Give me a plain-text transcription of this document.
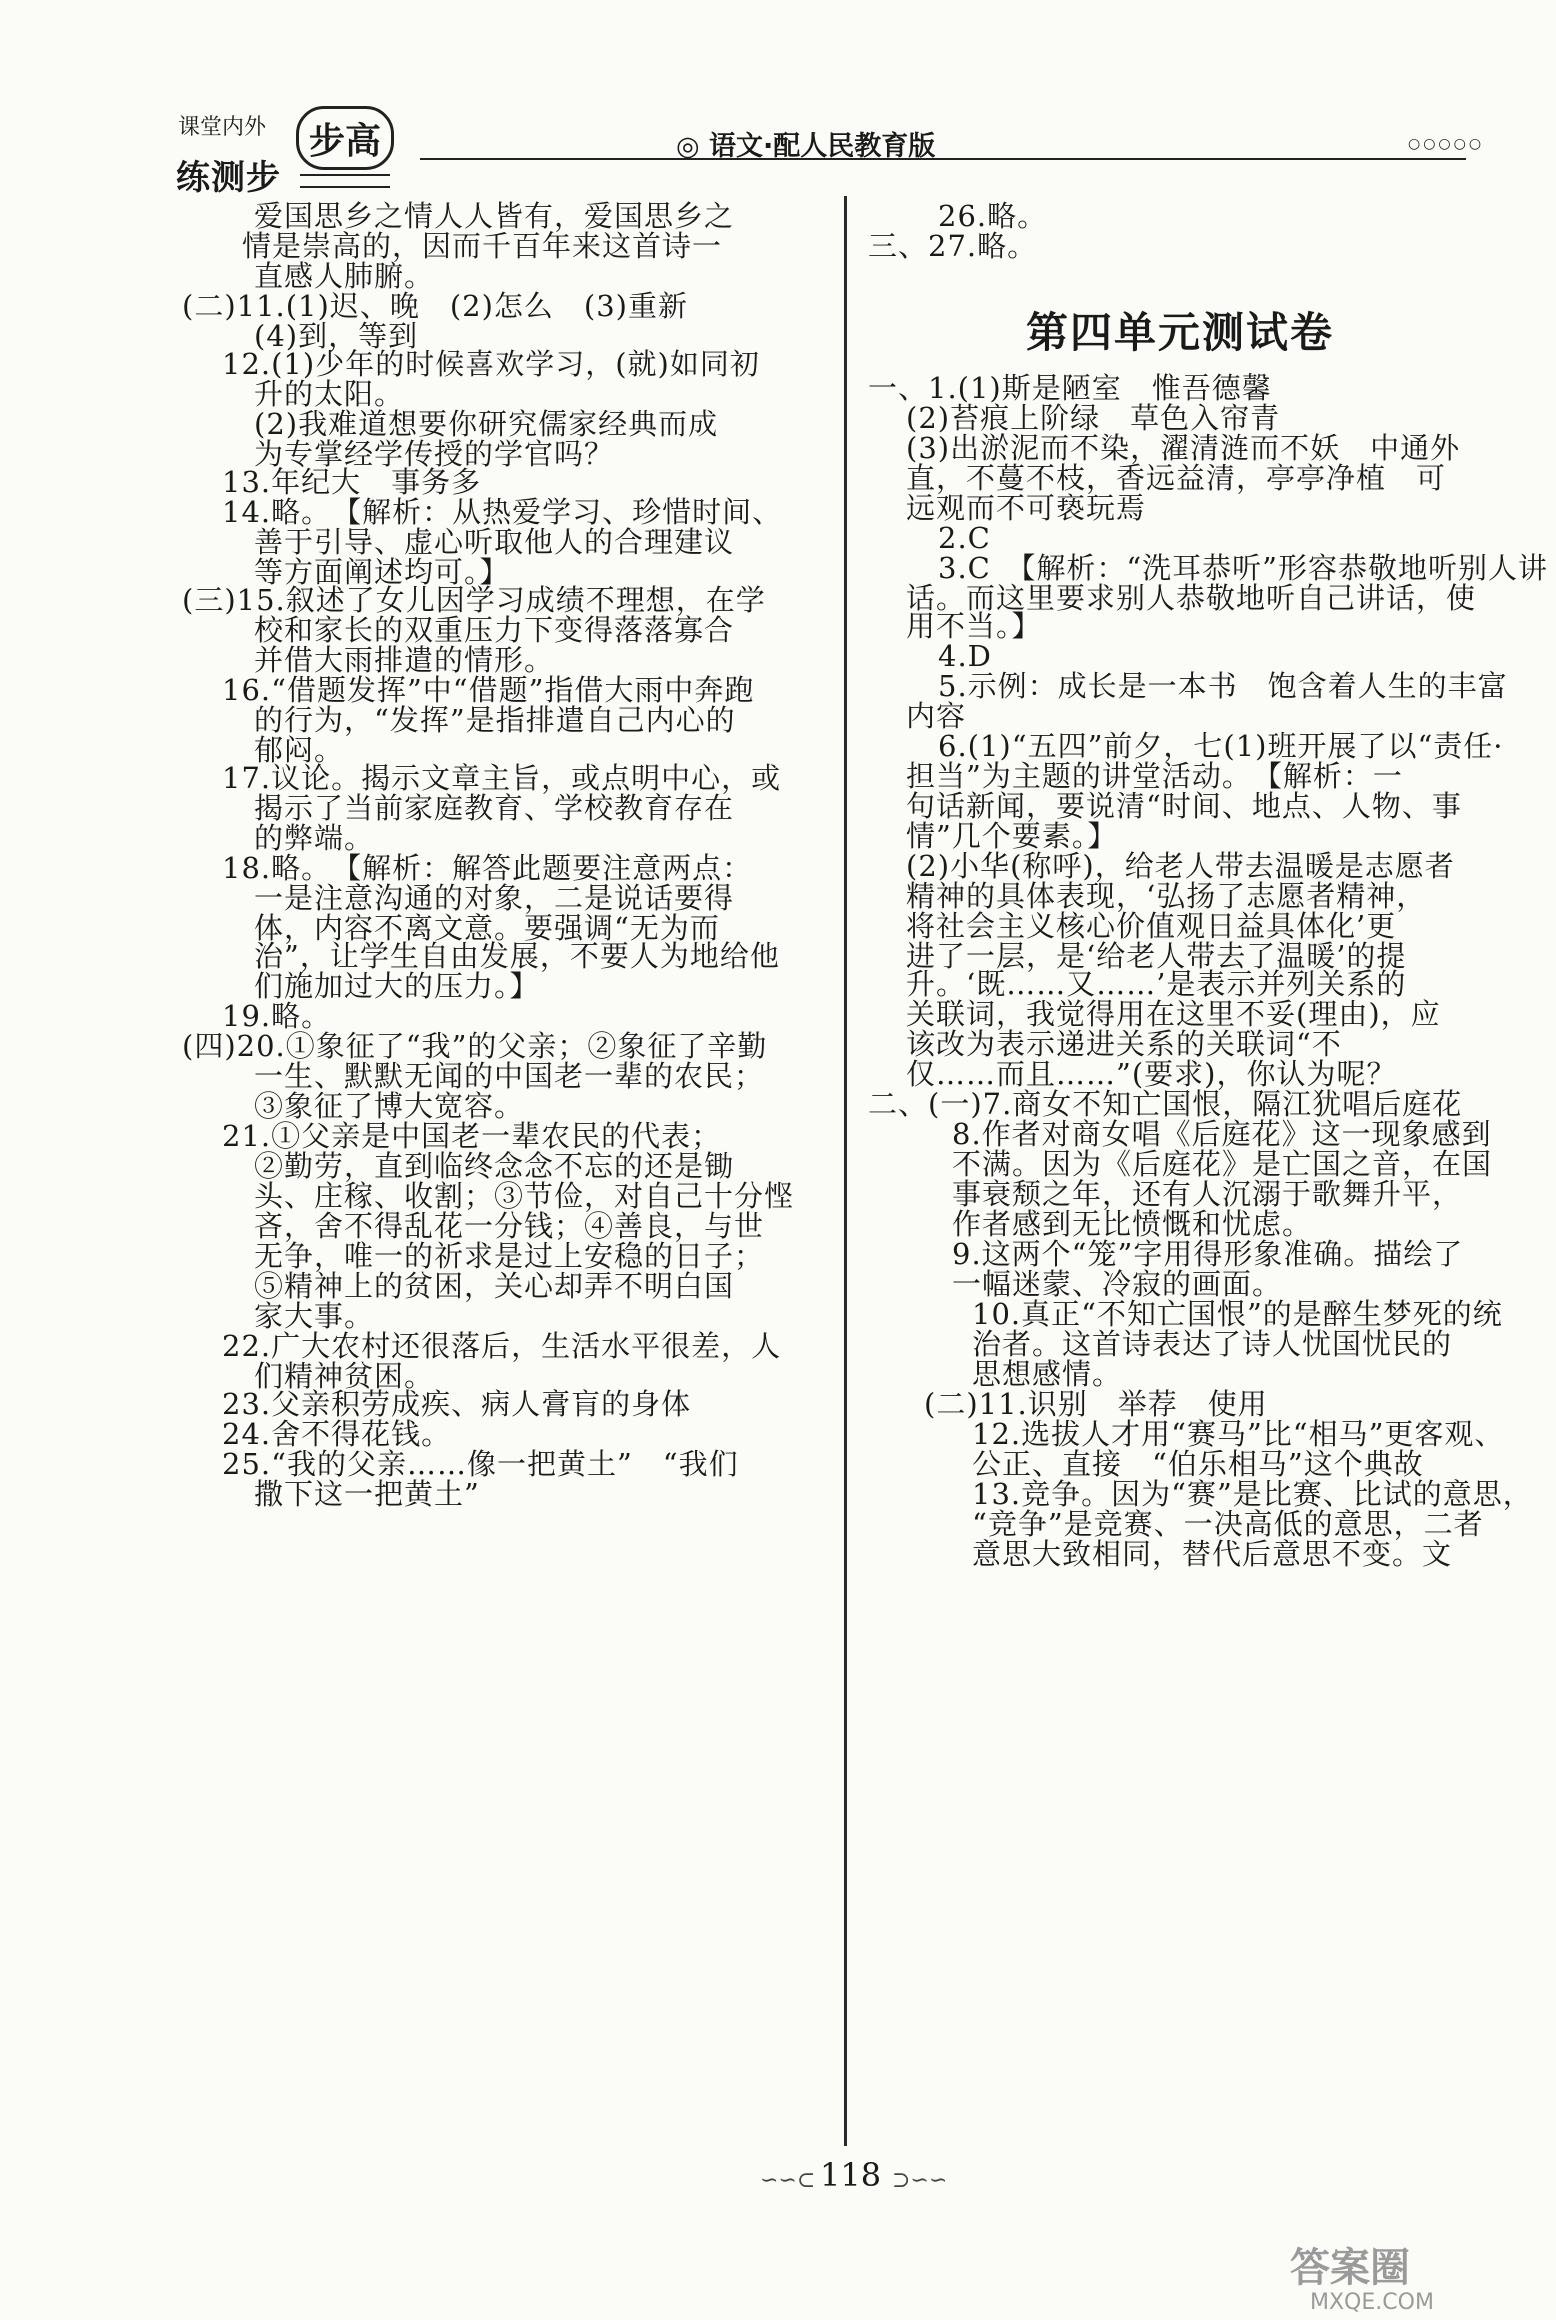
课堂内外
练测步
步高	◎ 语文·配人民教育版	○○○○○
爱国思乡之情人人皆有，爱国思乡之
情是崇高的，因而千百年来这首诗一
直感人肺腑。
(二)11.(1)迟、晚　(2)怎么　(3)重新
(4)到，等到
12.(1)少年的时候喜欢学习，(就)如同初
升的太阳。
(2)我难道想要你研究儒家经典而成
为专掌经学传授的学官吗？
13.年纪大　事务多
14.略。　【解析：从热爱学习、珍惜时间、
善于引导、虚心听取他人的合理建议
等方面阐述均可。】
(三)15.叙述了女儿因学习成绩不理想，在学
校和家长的双重压力下变得落落寡合
并借大雨排遣的情形。
16.“借题发挥”中“借题”指借大雨中奔跑
的行为，“发挥”是指排遣自己内心的
郁闷。
17.议论。揭示文章主旨，或点明中心，或
揭示了当前家庭教育、学校教育存在
的弊端。
18.略。　【解析：解答此题要注意两点：
一是注意沟通的对象，二是说话要得
体，内容不离文意。要强调“无为而
治”，让学生自由发展，不要人为地给他
们施加过大的压力。】
19.略。
(四)20.①象征了“我”的父亲；②象征了辛勤
一生、默默无闻的中国老一辈的农民；
③象征了博大宽容。
21.①父亲是中国老一辈农民的代表；
②勤劳，直到临终念念不忘的还是锄
头、庄稼、收割；③节俭，对自己十分悭
吝，舍不得乱花一分钱；④善良，与世
无争，唯一的祈求是过上安稳的日子；
⑤精神上的贫困，关心却弄不明白国
家大事。
22.广大农村还很落后，生活水平很差，人
们精神贫困。
23.父亲积劳成疾、病人膏肓的身体
24.舍不得花钱。
25.“我的父亲……像一把黄土”　“我们
撒下这一把黄土”
第四单元测试卷
26.略。
三、27.略。
一、1.(1)斯是陋室　惟吾德馨
(2)苔痕上阶绿　草色入帘青
(3)出淤泥而不染，濯清涟而不妖　中通外
直，不蔓不枝，香远益清，亭亭净植　可
远观而不可亵玩焉
2.C
3.C　【解析：“洗耳恭听”形容恭敬地听别人讲
话。而这里要求别人恭敬地听自己讲话，使
用不当。】
4.D
5.示例：成长是一本书　饱含着人生的丰富
内容
6.(1)“五四”前夕，七(1)班开展了以“责任·
担当”为主题的讲堂活动。　【解析：一
句话新闻，要说清“时间、地点、人物、事
情”几个要素。】
(2)小华(称呼)，给老人带去温暖是志愿者
精神的具体表现，‘弘扬了志愿者精神，
将社会主义核心价值观日益具体化’更
进了一层，是‘给老人带去了温暖’的提
升。‘既……又……’是表示并列关系的
关联词，我觉得用在这里不妥(理由)，应
该改为表示递进关系的关联词“不
仅……而且……”(要求)，你认为呢？
二、(一)7.商女不知亡国恨，隔江犹唱后庭花
8.作者对商女唱《后庭花》这一现象感到
不满。因为《后庭花》是亡国之音，在国
事衰颓之年，还有人沉溺于歌舞升平，
作者感到无比愤慨和忧虑。
9.这两个“笼”字用得形象准确。描绘了
一幅迷蒙、冷寂的画面。
10.真正“不知亡国恨”的是醉生梦死的统
治者。这首诗表达了诗人忧国忧民的
思想感情。
(二)11.识别　举荐　使用
12.选拔人才用“赛马”比“相马”更客观、
公正、直接　“伯乐相马”这个典故
13.竞争。因为“赛”是比赛、比试的意思，
“竞争”是竞赛、一决高低的意思，二者
意思大致相同，替代后意思不变。文
∽∽⊂ 118 ⊃∽∽
答案圈
MXQE.COM
